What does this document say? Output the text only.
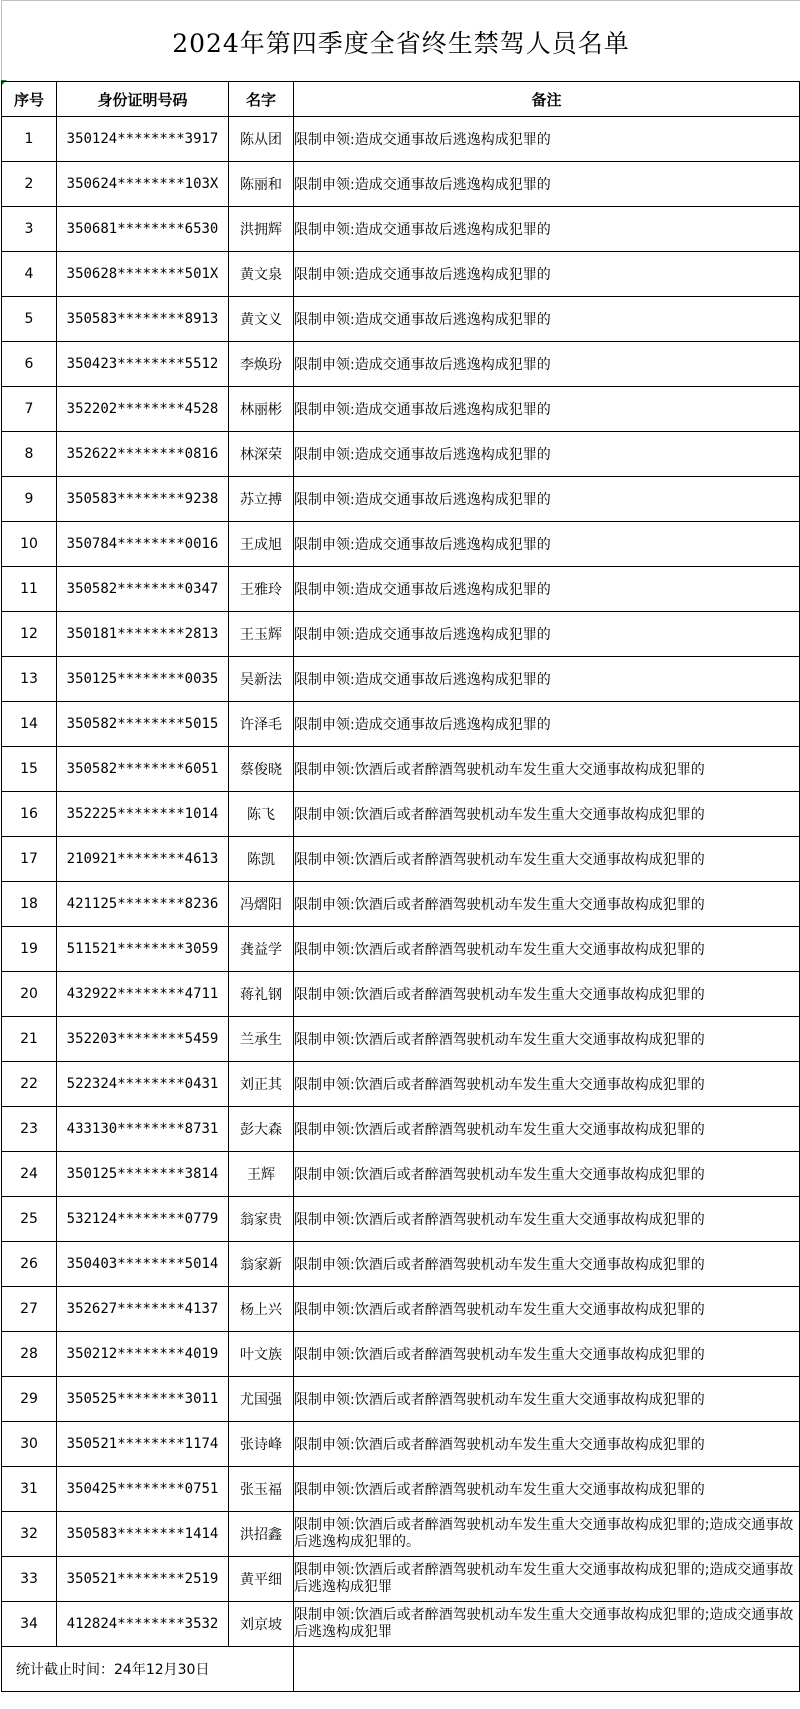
2024年第四季度全省终生禁驾人员名单
序号	身份证明号码	名字	备注
1	350124********3917	陈从团	限制申领:造成交通事故后逃逸构成犯罪的
2	350624********103X	陈丽和	限制申领:造成交通事故后逃逸构成犯罪的
3	350681********6530	洪拥辉	限制申领:造成交通事故后逃逸构成犯罪的
4	350628********501X	黄文泉	限制申领:造成交通事故后逃逸构成犯罪的
5	350583********8913	黄文义	限制申领:造成交通事故后逃逸构成犯罪的
6	350423********5512	李焕玢	限制申领:造成交通事故后逃逸构成犯罪的
7	352202********4528	林丽彬	限制申领:造成交通事故后逃逸构成犯罪的
8	352622********0816	林深荣	限制申领:造成交通事故后逃逸构成犯罪的
9	350583********9238	苏立搏	限制申领:造成交通事故后逃逸构成犯罪的
10	350784********0016	王成旭	限制申领:造成交通事故后逃逸构成犯罪的
11	350582********0347	王雅玲	限制申领:造成交通事故后逃逸构成犯罪的
12	350181********2813	王玉辉	限制申领:造成交通事故后逃逸构成犯罪的
13	350125********0035	吴新法	限制申领:造成交通事故后逃逸构成犯罪的
14	350582********5015	许泽毛	限制申领:造成交通事故后逃逸构成犯罪的
15	350582********6051	蔡俊晓	限制申领:饮酒后或者醉酒驾驶机动车发生重大交通事故构成犯罪的
16	352225********1014	陈飞	限制申领:饮酒后或者醉酒驾驶机动车发生重大交通事故构成犯罪的
17	210921********4613	陈凯	限制申领:饮酒后或者醉酒驾驶机动车发生重大交通事故构成犯罪的
18	421125********8236	冯熠阳	限制申领:饮酒后或者醉酒驾驶机动车发生重大交通事故构成犯罪的
19	511521********3059	龚益学	限制申领:饮酒后或者醉酒驾驶机动车发生重大交通事故构成犯罪的
20	432922********4711	蒋礼钢	限制申领:饮酒后或者醉酒驾驶机动车发生重大交通事故构成犯罪的
21	352203********5459	兰承生	限制申领:饮酒后或者醉酒驾驶机动车发生重大交通事故构成犯罪的
22	522324********0431	刘正其	限制申领:饮酒后或者醉酒驾驶机动车发生重大交通事故构成犯罪的
23	433130********8731	彭大森	限制申领:饮酒后或者醉酒驾驶机动车发生重大交通事故构成犯罪的
24	350125********3814	王辉	限制申领:饮酒后或者醉酒驾驶机动车发生重大交通事故构成犯罪的
25	532124********0779	翁家贵	限制申领:饮酒后或者醉酒驾驶机动车发生重大交通事故构成犯罪的
26	350403********5014	翁家新	限制申领:饮酒后或者醉酒驾驶机动车发生重大交通事故构成犯罪的
27	352627********4137	杨上兴	限制申领:饮酒后或者醉酒驾驶机动车发生重大交通事故构成犯罪的
28	350212********4019	叶文族	限制申领:饮酒后或者醉酒驾驶机动车发生重大交通事故构成犯罪的
29	350525********3011	尤国强	限制申领:饮酒后或者醉酒驾驶机动车发生重大交通事故构成犯罪的
30	350521********1174	张诗峰	限制申领:饮酒后或者醉酒驾驶机动车发生重大交通事故构成犯罪的
31	350425********0751	张玉福	限制申领:饮酒后或者醉酒驾驶机动车发生重大交通事故构成犯罪的
32	350583********1414	洪招鑫	限制申领:饮酒后或者醉酒驾驶机动车发生重大交通事故构成犯罪的;造成交通事故后逃逸构成犯罪的。
33	350521********2519	黄平细	限制申领:饮酒后或者醉酒驾驶机动车发生重大交通事故构成犯罪的;造成交通事故后逃逸构成犯罪
34	412824********3532	刘京坡	限制申领:饮酒后或者醉酒驾驶机动车发生重大交通事故构成犯罪的;造成交通事故后逃逸构成犯罪
统计截止时间：24年12月30日			
